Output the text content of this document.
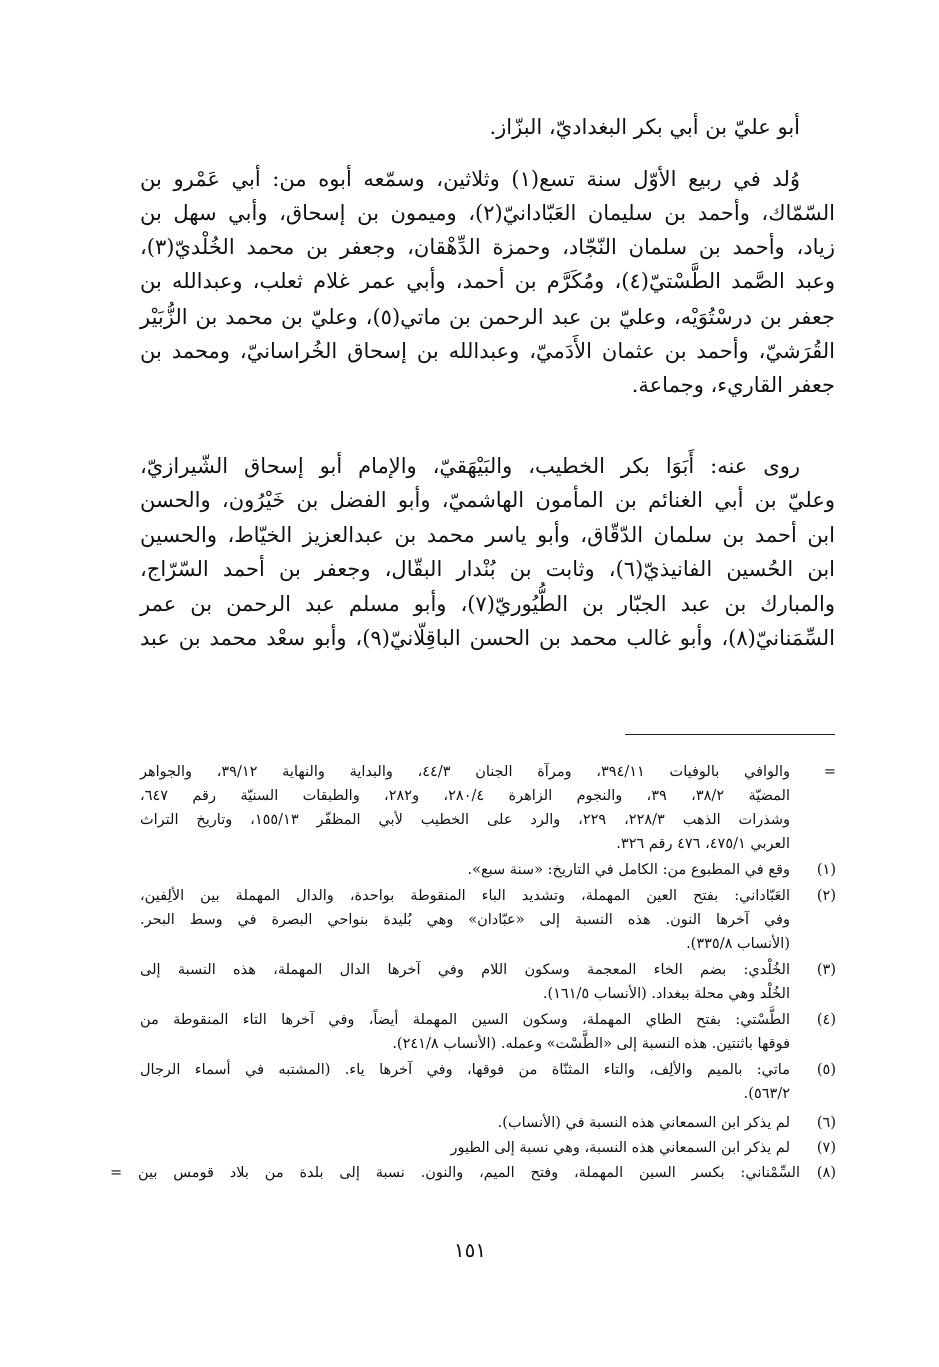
أبو عليّ بن أبي بكر البغداديّ، البزّاز.
وُلد في ربيع الأوّل سنة تسع(١) وثلاثين، وسمّعه أبوه من: أبي عَمْرو بن
السّمّاك، وأحمد بن سليمان العَبّادانيّ(٢)، وميمون بن إسحاق، وأبي سهل بن
زياد، وأحمد بن سلمان النّجّاد، وحمزة الدِّهْقان، وجعفر بن محمد الخُلْديّ(٣)،
وعبد الصَّمد الطَّسْتيّ(٤)، ومُكَرَّم بن أحمد، وأبي عمر غلام ثعلب، وعبدالله بن
جعفر بن درسْتُوَيْه، وعليّ بن عبد الرحمن بن ماتي(٥)، وعليّ بن محمد بن الزُّبَيْر
القُرَشيّ، وأحمد بن عثمان الأَدَميّ، وعبدالله بن إسحاق الخُراسانيّ، ومحمد بن
جعفر القاريء، وجماعة.
روى عنه: أَبَوَا بكر الخطيب، والبَيْهَقيّ، والإمام أبو إسحاق الشّيرازيّ،
وعليّ بن أبي الغنائم بن المأمون الهاشميّ، وأبو الفضل بن خَيْرُون، والحسن
ابن أحمد بن سلمان الدّقّاق، وأبو ياسر محمد بن عبدالعزيز الخيّاط، والحسين
ابن الحُسين الفانيذيّ(٦)، وثابت بن بُنْدار البقّال، وجعفر بن أحمد السّرّاج،
والمبارك بن عبد الجبّار بن الطُّيُوريّ(٧)، وأبو مسلم عبد الرحمن بن عمر
السِّمَنانيّ(٨)، وأبو غالب محمد بن الحسن الباقِلّانيّ(٩)، وأبو سعْد محمد بن عبد
=
والوافي بالوفيات ٣٩٤/١١، ومرآة الجنان ٤٤/٣، والبداية والنهاية ٣٩/١٢، والجواهر
المضيّة ٣٨/٢، ٣٩، والنجوم الزاهرة ٢٨٠/٤، و٢٨٢، والطبقات السنيّة رقم ٦٤٧،
وشذرات الذهب ٢٢٨/٣، ٢٢٩، والرد على الخطيب لأبي المظفّر ١٥٥/١٣، وتاريخ التراث
العربي ٤٧٥/١، ٤٧٦ رقم ٣٢٦.
(١)
وقع في المطبوع من: الكامل في التاريخ: «سنة سبع».
(٢)
العَبّاداني: بفتح العين المهملة، وتشديد الباء المنقوطة بواحدة، والدال المهملة بين الألِفين،
وفي آخرها النون. هذه النسبة إلى «عبّادان» وهي بُليدة بنواحي البصرة في وسط البحر.
(الأنساب ٣٣٥/٨).
(٣)
الخُلْدي: بضم الخاء المعجمة وسكون اللام وفي آخرها الدال المهملة، هذه النسبة إلى
الخُلْد وهي محلة ببغداد. (الأنساب ١٦١/٥).
(٤)
الطَّسْتي: بفتح الطاي المهملة، وسكون السين المهملة أيضاً، وفي آخرها التاء المنقوطة من
فوقها باثنتين. هذه النسبة إلى «الطَّسْت» وعمله. (الأنساب ٢٤١/٨).
(٥)
ماتي: بالميم والألِف، والتاء المثنّاة من فوقها، وفي آخرها ياء. (المشتبه في أسماء الرجال
٥٦٣/٢).
(٦)
لم يذكر ابن السمعاني هذه النسبة في (الأنساب).
(٧)
لم يذكر ابن السمعاني هذه النسبة، وهي نسبة إلى الطيور
(٨)
السِّمْناني: بكسر السين المهملة، وفتح الميم، والنون. نسبة إلى بلدة من بلاد قومس بين =
١٥١
